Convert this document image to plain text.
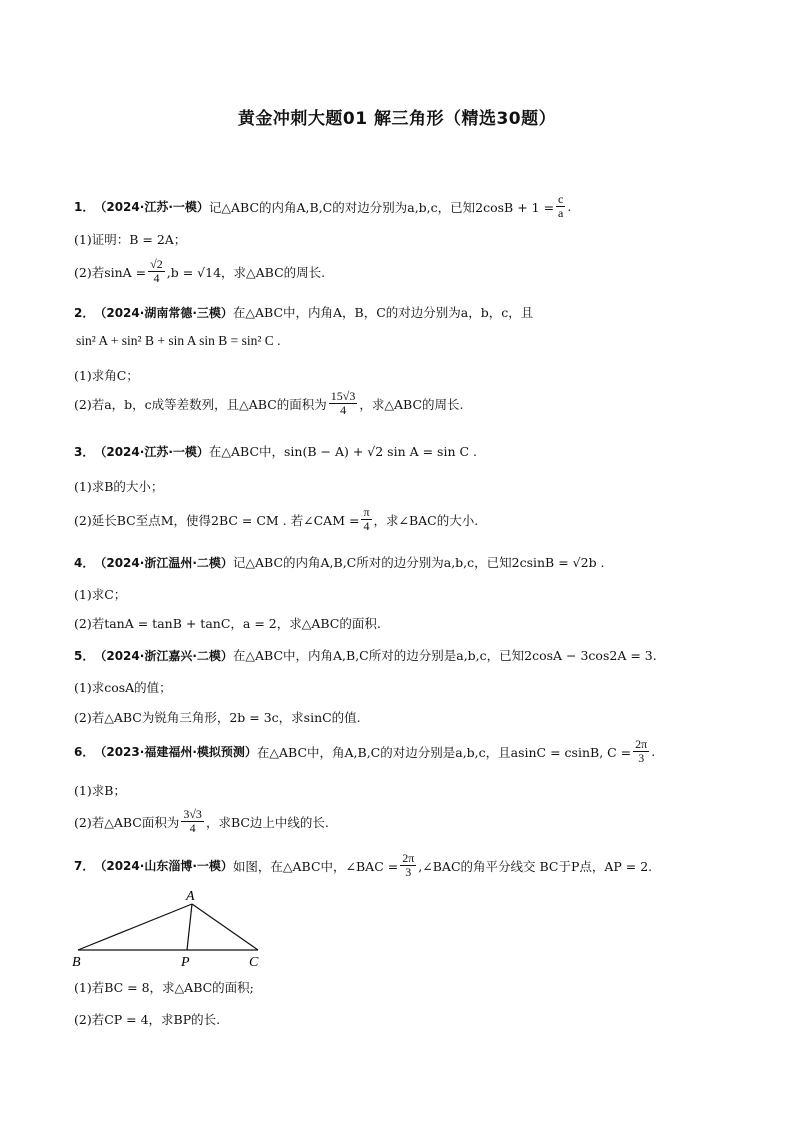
黄金冲刺大题01 解三角形（精选30题）
1． （2024·江苏·一模） 记△ABC的内角A,B,C的对边分别为a,b,c，已知$2\cos B + 1 = \frac{c}{a}$ .
(1)证明：B = 2A；
(2)若$\sin A = \frac{√2}{4} ,b = √14$，求△ABC的周长.
2． （2024·湖南常德·三模） 在△ABC中，内角A，B，C的对边分别为a，b，c，且
sin² A + sin² B + sin A sin B = sin² C .
(1)求角C；
(2)若a，b，c成等差数列，且△ABC的面积为 $\frac{15√3}{4}$ ，求△ABC的周长.
3． （2024·江苏·一模） 在△ABC中，sin(B − A) + √2 sin A = sin C .
(1)求B的大小；
(2)延长BC至点M，使得2BC = CM . 若∠CAM = $\frac{\pi}{4}$ ，求∠BAC的大小.
4． （2024·浙江温州·二模） 记△ABC的内角A,B,C所对的边分别为a,b,c，已知2csinB = √2b .
(1)求C；
(2)若tanA = tanB + tanC，a = 2，求△ABC的面积.
5． （2024·浙江嘉兴·二模） 在△ABC中，内角A,B,C所对的边分别是a,b,c，已知2cosA − 3cos2A = 3.
(1)求cosA的值；
(2)若△ABC为锐角三角形，2b = 3c，求sinC的值.
6． （2023·福建福州·模拟预测） 在△ABC中，角A,B,C的对边分别是a,b,c，且asinC = csinB, $C = \frac{2\pi}{3}$ .
(1)求B；
(2)若△ABC面积为 $\frac{3√3}{4}$ ，求BC边上中线的长.
7． （2024·山东淄博·一模） 如图，在△ABC中，∠BAC = $\frac{2\pi}{3}$ ,∠BAC的角平分线交 BC于P点，AP = 2.
A
B	P	C
(1)若BC = 8，求△ABC的面积;
(2)若CP = 4，求BP的长.
